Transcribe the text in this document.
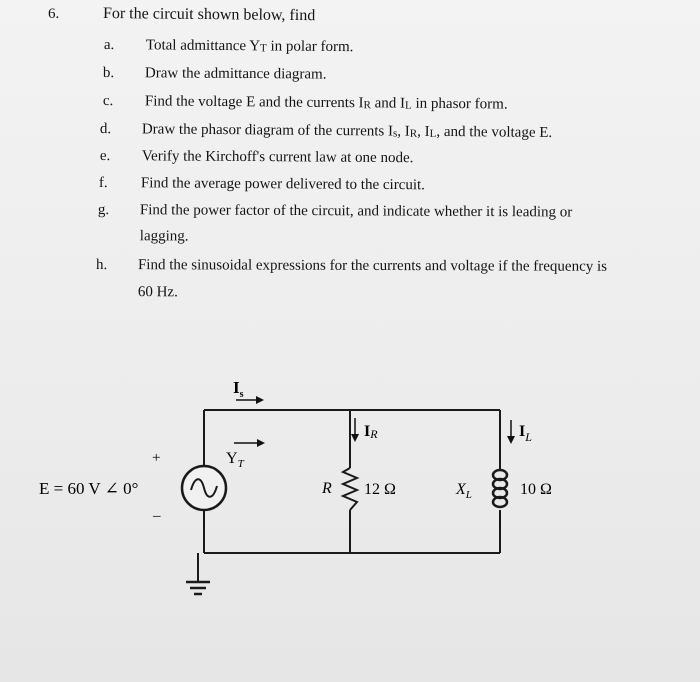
6.	For the circuit shown below, find
a.	Total admittance YT in polar form.
b.	Draw the admittance diagram.
c.	Find the voltage E and the currents IR and IL in phasor form.
d.	Draw the phasor diagram of the currents Is, IR, IL, and the voltage E.
e.	Verify the Kirchoff's current law at one node.
f.	Find the average power delivered to the circuit.
g.	Find the power factor of the circuit, and indicate whether it is leading or
lagging.
h.	Find the sinusoidal expressions for the currents and voltage if the frequency is
60 Hz.
E = 60 V ∠ 0°
+
–
$I_s$
$Y_T$
IR	$I_L$
R 12 Ω	$X_L$	10 Ω
